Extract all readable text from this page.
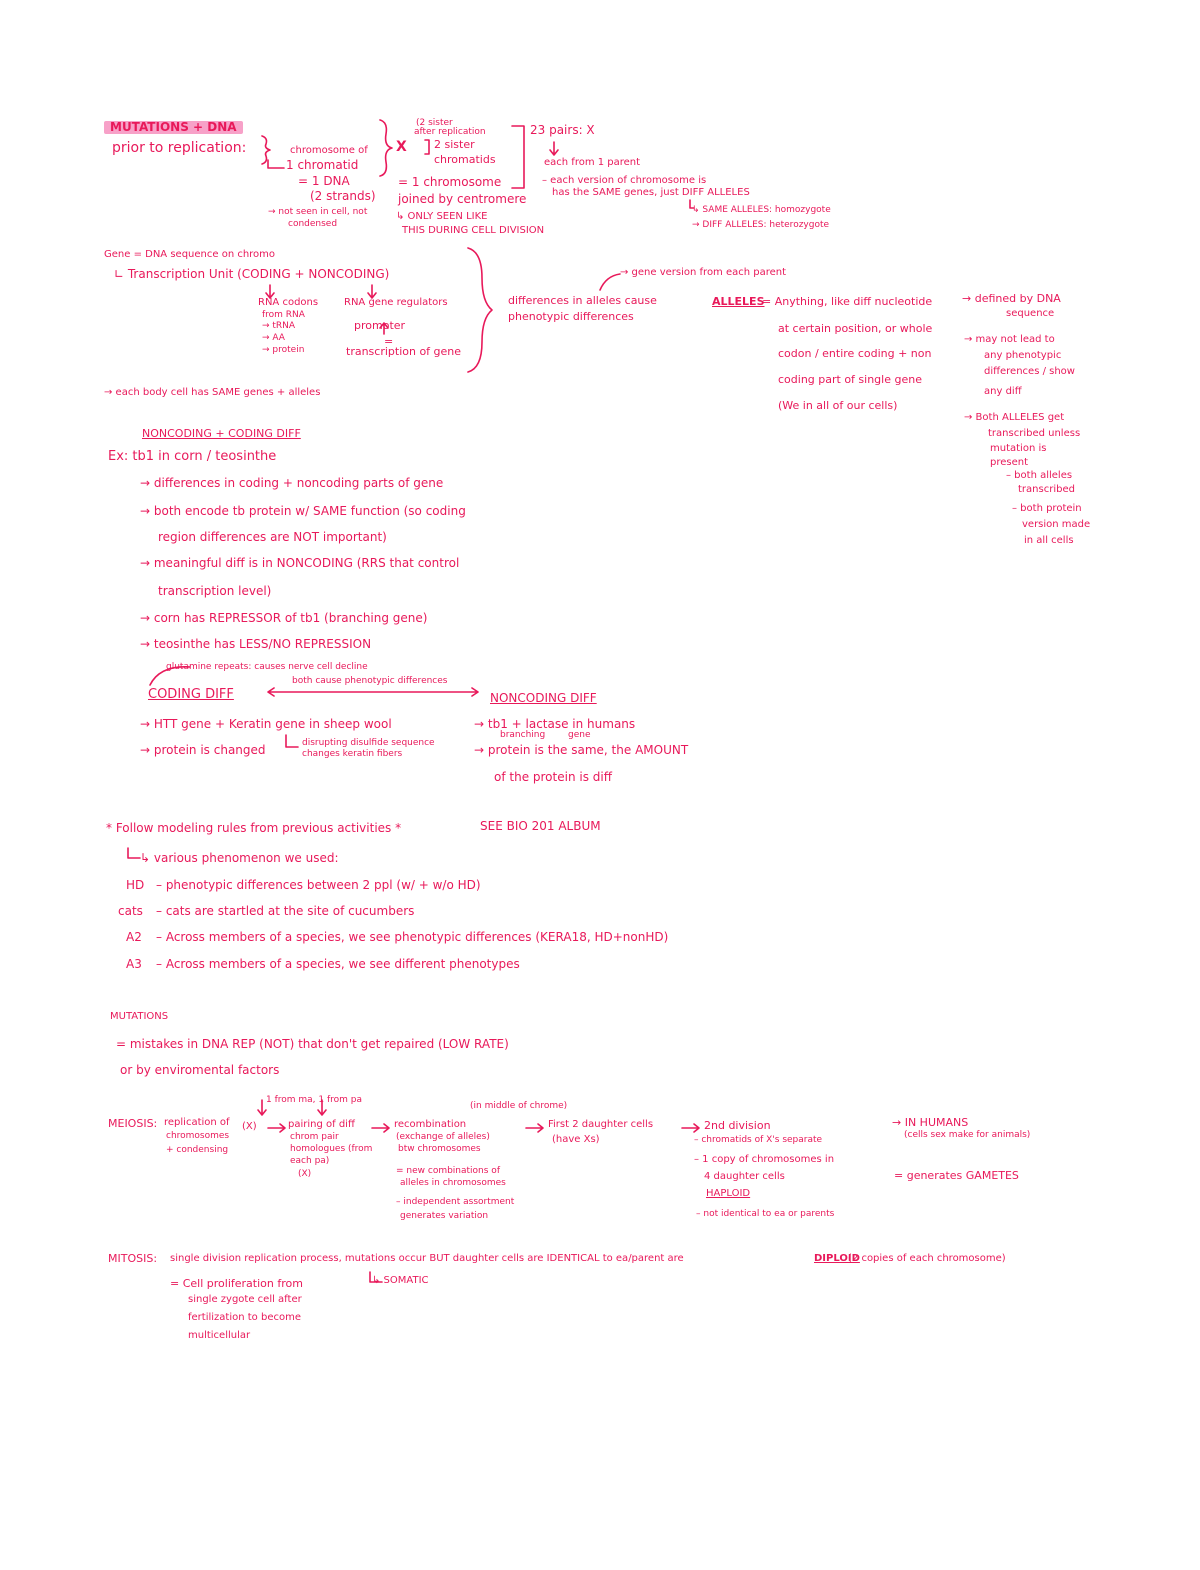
MUTATIONS + DNA
prior to replication:	chromosome of
1 chromatid
= 1 DNA
(2 strands)
→ not seen in cell, not
condensed
X
(2 sister
after replication
2 sister
chromatids
= 1 chromosome
joined by centromere
↳ ONLY SEEN LIKE
THIS DURING CELL DIVISION
23 pairs: X
each from 1 parent
– each version of chromosome is
has the SAME genes, just DIFF ALLELES
↳ SAME ALLELES: homozygote
→ DIFF ALLELES: heterozygote
Gene = DNA sequence on chromo
∟ Transcription Unit (CODING + NONCODING)
RNA codons
from RNA
→ tRNA
→ AA
→ protein
RNA gene regulators
promoter
=
transcription of gene
differences in alleles cause
phenotypic differences
→ gene version from each parent
ALLELES
= Anything, like diff nucleotide
at certain position, or whole
codon / entire coding + non
coding part of single gene
(We in all of our cells)
→ each body cell has SAME genes + alleles
→ defined by DNA
sequence
→ may not lead to
any phenotypic
differences / show
any diff
→ Both ALLELES get
transcribed unless
mutation is
present
– both alleles
transcribed
– both protein
version made
in all cells
NONCODING + CODING DIFF
Ex: tb1 in corn / teosinthe
→ differences in coding + noncoding parts of gene
→ both encode tb protein w/ SAME function (so coding
region differences are NOT important)
→ meaningful diff is in NONCODING (RRS that control
transcription level)
→ corn has REPRESSOR of tb1 (branching gene)
→ teosinthe has LESS/NO REPRESSION
glutamine repeats: causes nerve cell decline
CODING DIFF
both cause phenotypic differences
NONCODING DIFF
→ HTT gene + Keratin gene in sheep wool
→ protein is changed	disrupting disulfide sequence
changes keratin fibers
→ tb1 + lactase in humans
branching	gene
→ protein is the same, the AMOUNT
of the protein is diff
* Follow modeling rules from previous activities *	SEE BIO 201 ALBUM
↳ various phenomenon we used:
HD – phenotypic differences between 2 ppl (w/ + w/o HD)
cats – cats are startled at the site of cucumbers
A2 – Across members of a species, we see phenotypic differences (KERA18, HD+nonHD)
A3 – Across members of a species, we see different phenotypes
MUTATIONS
= mistakes in DNA REP (NOT) that don't get repaired (LOW RATE)
or by enviromental factors
MEIOSIS: replication of
chromosomes
+ condensing
(X)
1 from ma, 1 from pa
pairing of diff
chrom pair
homologues (from
each pa)
(X)
(in middle of chrome)
recombination
(exchange of alleles)
btw chromosomes
= new combinations of
alleles in chromosomes
– independent assortment
generates variation
First 2 daughter cells
(have Xs)
2nd division
– chromatids of X's separate
– 1 copy of chromosomes in
4 daughter cells
HAPLOID
– not identical to ea or parents
→ IN HUMANS
(cells sex make for animals)
= generates GAMETES
MITOSIS: single division replication process, mutations occur BUT daughter cells are IDENTICAL to ea/parent are	DIPLOID
(2 copies of each chromosome)
= Cell proliferation from
single zygote cell after
fertilization to become
multicellular
↳ SOMATIC
